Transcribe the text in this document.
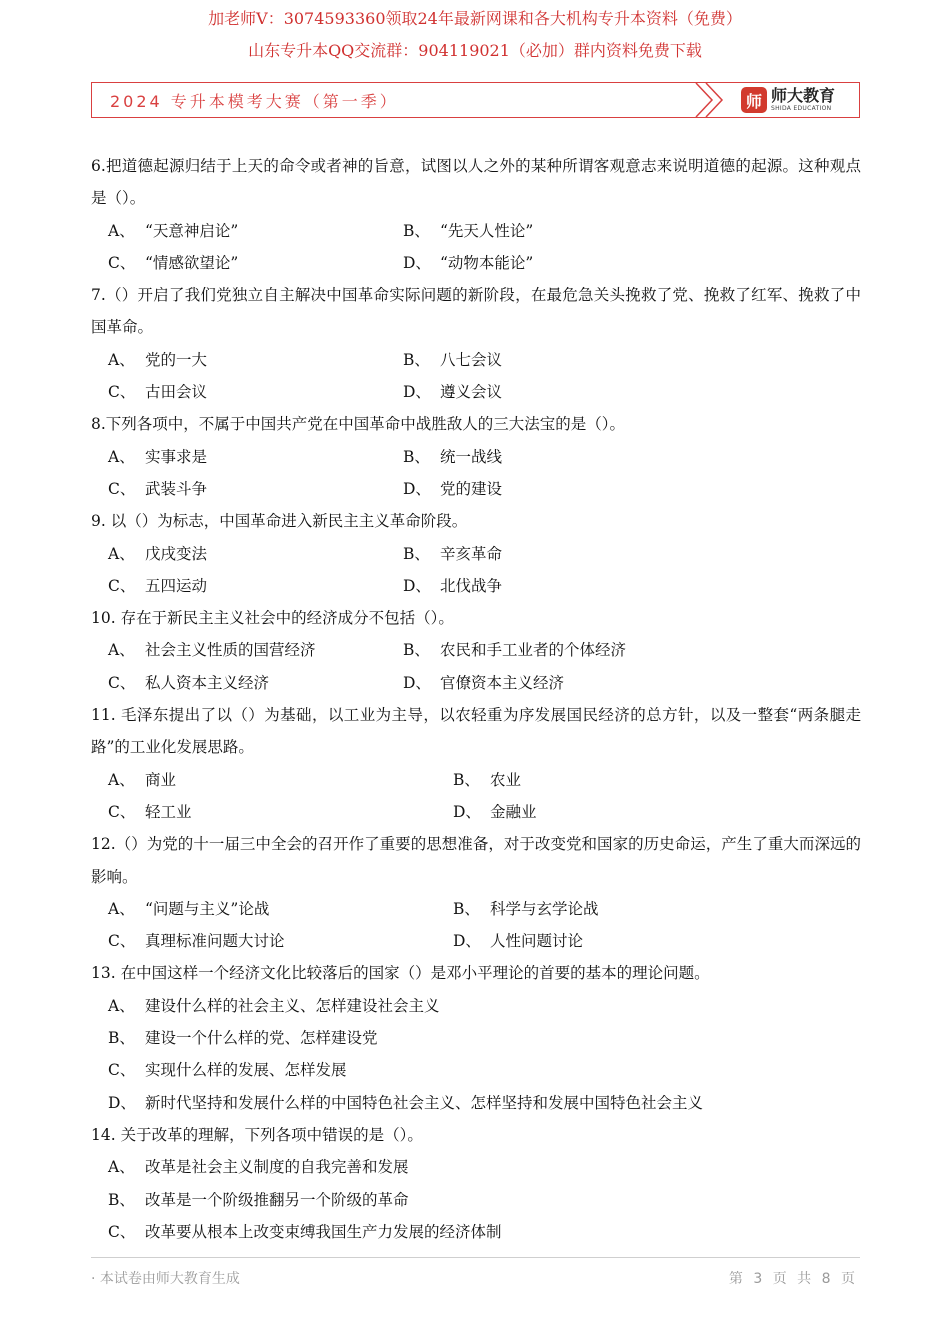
加老师V：3074593360领取24年最新网课和各大机构专升本资料（免费）
山东专升本QQ交流群：904119021（必加）群内资料免费下载
2024 专升本模考大赛（第一季）	师 师大教育
SHIDA EDUCATION
6.把道德起源归结于上天的命令或者神的旨意，试图以人之外的某种所谓客观意志来说明道德的起源。这种观点是（）。
A、 “天意神启论”	B、 “先天人性论”
C、 “情感欲望论”	D、 “动物本能论”
7.（）开启了我们党独立自主解决中国革命实际问题的新阶段，在最危急关头挽救了党、挽救了红军、挽救了中国革命。
A、 党的一大	B、 八七会议
C、 古田会议	D、 遵义会议
8.下列各项中，不属于中国共产党在中国革命中战胜敌人的三大法宝的是（）。
A、 实事求是	B、 统一战线
C、 武装斗争	D、 党的建设
9. 以（）为标志，中国革命进入新民主主义革命阶段。
A、 戊戌变法	B、 辛亥革命
C、 五四运动	D、 北伐战争
10. 存在于新民主主义社会中的经济成分不包括（）。
A、 社会主义性质的国营经济	B、 农民和手工业者的个体经济
C、 私人资本主义经济	D、 官僚资本主义经济
11. 毛泽东提出了以（）为基础，以工业为主导，以农轻重为序发展国民经济的总方针，以及一整套“两条腿走路”的工业化发展思路。
A、 商业	B、 农业
C、 轻工业	D、 金融业
12.（）为党的十一届三中全会的召开作了重要的思想准备，对于改变党和国家的历史命运，产生了重大而深远的影响。
A、 “问题与主义”论战	B、 科学与玄学论战
C、 真理标准问题大讨论	D、 人性问题讨论
13. 在中国这样一个经济文化比较落后的国家（）是邓小平理论的首要的基本的理论问题。
A、 建设什么样的社会主义、怎样建设社会主义
B、 建设一个什么样的党、怎样建设党
C、 实现什么样的发展、怎样发展
D、 新时代坚持和发展什么样的中国特色社会主义、怎样坚持和发展中国特色社会主义
14. 关于改革的理解，下列各项中错误的是（）。
A、 改革是社会主义制度的自我完善和发展
B、 改革是一个阶级推翻另一个阶级的革命
C、 改革要从根本上改变束缚我国生产力发展的经济体制
· 本试卷由师大教育生成	第 3 页 共 8 页
